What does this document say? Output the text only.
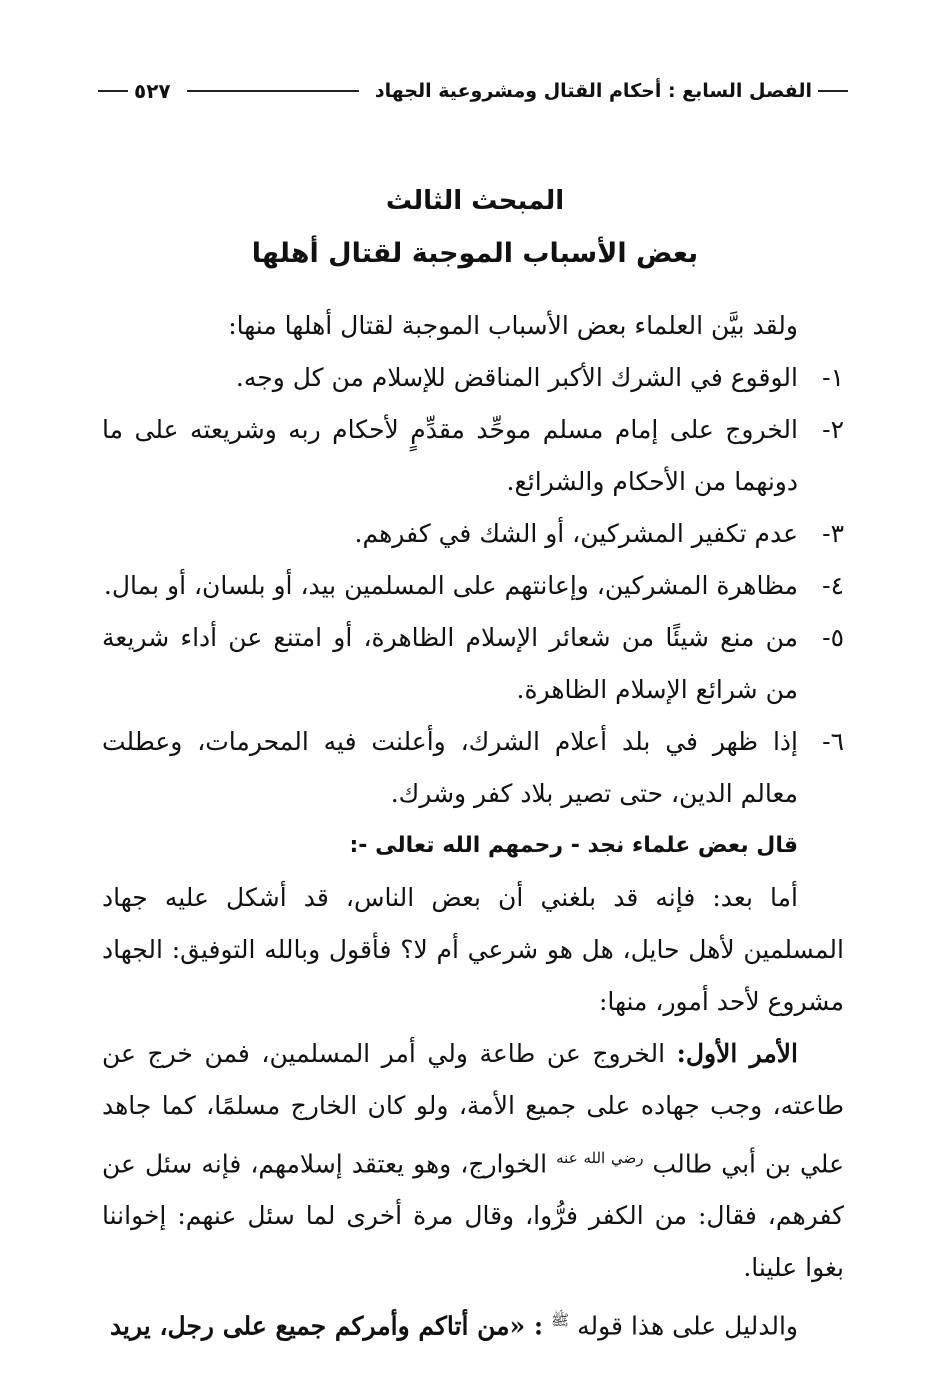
الفصل السابع : أحكام القتال ومشروعية الجهاد
٥٢٧
المبحث الثالث
بعض الأسباب الموجبة لقتال أهلها

ولقد بيَّن العلماء بعض الأسباب الموجبة لقتال أهلها منها:

١-
الوقوع في الشرك الأكبر المناقض للإسلام من كل وجه.
٢-
الخروج على إمام مسلم موحِّد مقدِّمٍ لأحكام ربه وشريعته على ما دونهما من الأحكام والشرائع.
٣-
عدم تكفير المشركين، أو الشك في كفرهم.
٤-
مظاهرة المشركين، وإعانتهم على المسلمين بيد، أو بلسان، أو بمال.
٥-
من منع شيئًا من شعائر الإسلام الظاهرة، أو امتنع عن أداء شريعة من شرائع الإسلام الظاهرة.
٦-
إذا ظهر في بلد أعلام الشرك، وأعلنت فيه المحرمات، وعطلت معالم الدين، حتى تصير بلاد كفر وشرك.

قال بعض علماء نجد - رحمهم الله تعالى -:

أما بعد: فإنه قد بلغني أن بعض الناس، قد أشكل عليه جهاد المسلمين لأهل حايل، هل هو شرعي أم لا؟ فأقول وبالله التوفيق: الجهاد مشروع لأحد أمور، منها:

الأمر الأول: الخروج عن طاعة ولي أمر المسلمين، فمن خرج عن طاعته، وجب جهاده على جميع الأمة، ولو كان الخارج مسلمًا، كما جاهد علي بن أبي طالب $^{رضي الله عنه}$ الخوارج، وهو يعتقد إسلامهم، فإنه سئل عن كفرهم، فقال: من الكفر فرُّوا، وقال مرة أخرى لما سئل عنهم: إخواننا بغوا علينا.

والدليل على هذا قوله $^ﷺ$ : «من أتاكم وأمركم جميع على رجل، يريد
